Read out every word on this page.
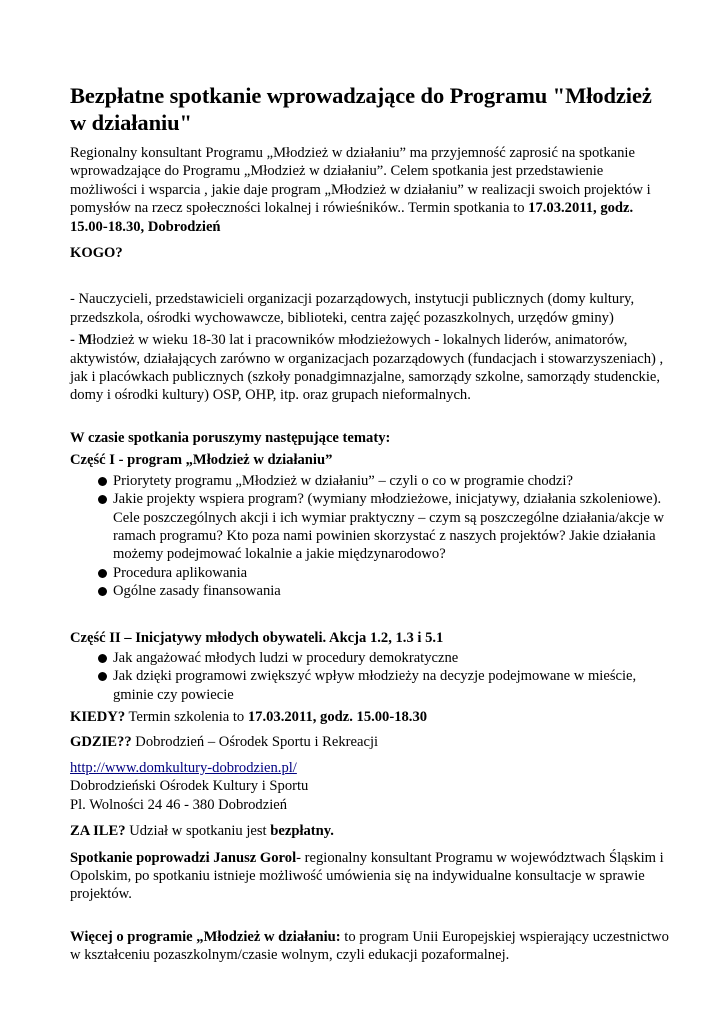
Bezpłatne spotkanie wprowadzające do Programu "Młodzież w działaniu"

Regionalny konsultant Programu „Młodzież w działaniu” ma przyjemność zaprosić na spotkanie wprowadzające do Programu „Młodzież w działaniu”. Celem spotkania jest przedstawienie możliwości i wsparcia , jakie daje program „Młodzież w działaniu” w realizacji swoich projektów i pomysłów na rzecz społeczności lokalnej i rówieśników.. Termin spotkania to 17.03.2011, godz. 15.00-18.30, Dobrodzień

KOGO?

- Nauczycieli, przedstawicieli organizacji pozarządowych, instytucji publicznych (domy kultury, przedszkola, ośrodki wychowawcze, biblioteki, centra zajęć pozaszkolnych, urzędów gminy)

- Młodzież w wieku 18-30 lat i pracowników młodzieżowych - lokalnych liderów, animatorów, aktywistów, działających zarówno w organizacjach pozarządowych (fundacjach i stowarzyszeniach) , jak i placówkach publicznych (szkoły ponadgimnazjalne, samorządy szkolne, samorządy studenckie, domy i ośrodki kultury) OSP, OHP, itp. oraz grupach nieformalnych.

W czasie spotkania poruszymy następujące tematy:

Część I - program „Młodzież w działaniu”

Priorytety programu „Młodzież w działaniu” – czyli o co w programie chodzi?
Jakie projekty wspiera program? (wymiany młodzieżowe, inicjatywy, działania szkoleniowe). Cele poszczególnych akcji i ich wymiar praktyczny – czym są poszczególne działania/akcje w ramach programu? Kto poza nami powinien skorzystać z naszych projektów? Jakie działania możemy podejmować lokalnie a jakie międzynarodowo?
Procedura aplikowania
Ogólne zasady finansowania

Część II – Inicjatywy młodych obywateli. Akcja 1.2, 1.3 i 5.1

Jak angażować młodych ludzi w procedury demokratyczne
Jak dzięki programowi zwiększyć wpływ młodzieży na decyzje podejmowane w mieście, gminie czy powiecie

KIEDY? Termin szkolenia to 17.03.2011, godz. 15.00-18.30

GDZIE?? Dobrodzień – Ośrodek Sportu i Rekreacji

http://www.domkultury-dobrodzien.pl/
Dobrodzieński Ośrodek Kultury i Sportu
Pl. Wolności 24 46 - 380 Dobrodzień

ZA ILE? Udział w spotkaniu jest bezpłatny.

Spotkanie poprowadzi Janusz Gorol- regionalny konsultant Programu w województwach Śląskim i Opolskim, po spotkaniu istnieje możliwość umówienia się na indywidualne konsultacje w sprawie projektów.

Więcej o programie „Młodzież w działaniu: to program Unii Europejskiej wspierający uczestnictwo w kształceniu pozaszkolnym/czasie wolnym, czyli edukacji pozaformalnej.
